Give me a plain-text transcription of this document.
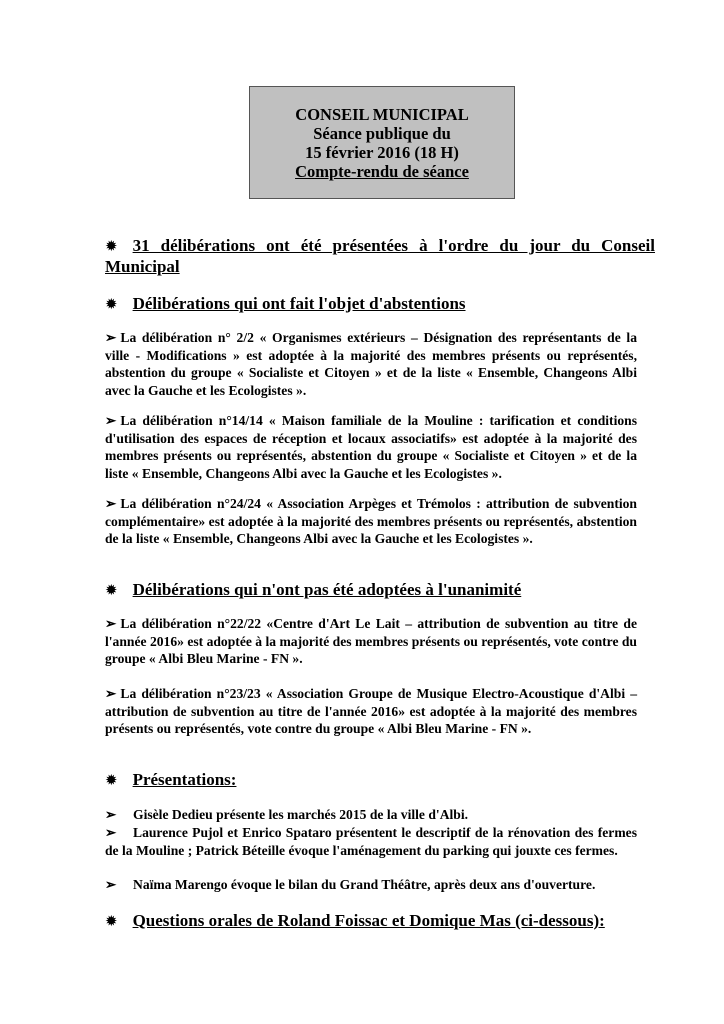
CONSEIL MUNICIPAL
Séance publique du
15 février 2016 (18 H)
Compte-rendu de séance
✹ 31 délibérations ont été présentées à l'ordre du jour du Conseil Municipal
✹ Délibérations qui ont fait l'objet d'abstentions
➢ La délibération n° 2/2 « Organismes extérieurs – Désignation des représentants de la ville - Modifications » est adoptée à la majorité des membres présents ou représentés, abstention du groupe « Socialiste et Citoyen » et de la liste « Ensemble, Changeons Albi avec la Gauche et les Ecologistes ».
➢ La délibération n°14/14 « Maison familiale de la Mouline : tarification et conditions d'utilisation des espaces de réception et locaux associatifs» est adoptée à la majorité des membres présents ou représentés, abstention du groupe « Socialiste et Citoyen » et de la liste « Ensemble, Changeons Albi avec la Gauche et les Ecologistes ».
➢ La délibération n°24/24 « Association Arpèges et Trémolos : attribution de subvention complémentaire» est adoptée à la majorité des membres présents ou représentés, abstention de la liste « Ensemble, Changeons Albi avec la Gauche et les Ecologistes ».
✹ Délibérations qui n'ont pas été adoptées à l'unanimité
➢ La délibération n°22/22 «Centre d'Art Le Lait – attribution de subvention au titre de l'année 2016» est adoptée à la majorité des membres présents ou représentés, vote contre du groupe « Albi Bleu Marine - FN ».
➢ La délibération n°23/23 « Association Groupe de Musique Electro-Acoustique d'Albi – attribution de subvention au titre de l'année 2016» est adoptée à la majorité des membres présents ou représentés, vote contre du groupe « Albi Bleu Marine - FN ».
✹ Présentations:
➢ Gisèle Dedieu présente les marchés 2015 de la ville d'Albi.
➢ Laurence Pujol et Enrico Spataro présentent le descriptif de la rénovation des fermes de la Mouline ; Patrick Béteille évoque l'aménagement du parking qui jouxte ces fermes.
➢ Naïma Marengo évoque le bilan du Grand Théâtre, après deux ans d'ouverture.
✹ Questions orales de Roland Foissac et Domique Mas (ci-dessous):
